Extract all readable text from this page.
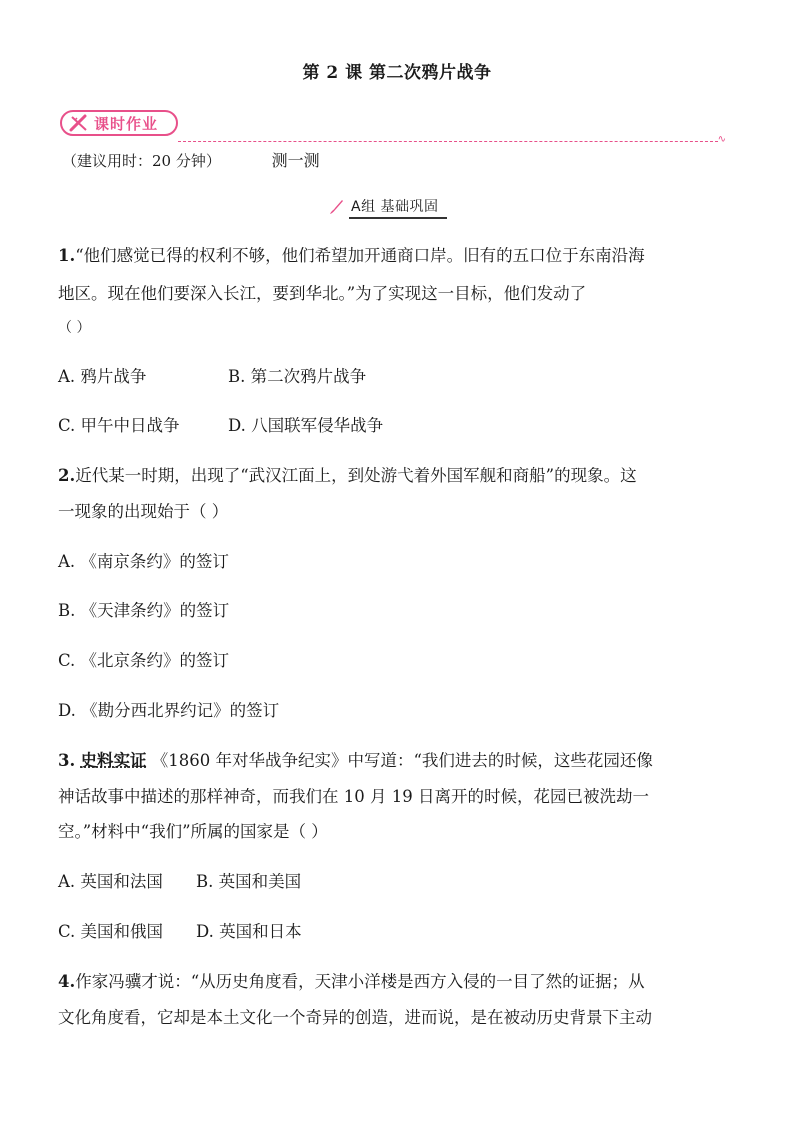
第 2 课 第二次鸦片战争
课时作业
∿
（建议用时：20 分钟）	测一测
A组 基础巩固
1.“他们感觉已得的权利不够，他们希望加开通商口岸。旧有的五口位于东南沿海
地区。现在他们要深入长江，要到华北。”为了实现这一目标，他们发动了
（ ）
A. 鸦片战争	B. 第二次鸦片战争
C. 甲午中日战争	D. 八国联军侵华战争
2.近代某一时期，出现了“武汉江面上，到处游弋着外国军舰和商船”的现象。这
一现象的出现始于（ ）
A. 《南京条约》的签订
B. 《天津条约》的签订
C. 《北京条约》的签订
D. 《勘分西北界约记》的签订
3. 史料实证 《1860 年对华战争纪实》中写道：“我们进去的时候，这些花园还像
神话故事中描述的那样神奇，而我们在 10 月 19 日离开的时候，花园已被洗劫一
空。”材料中“我们”所属的国家是（ ）
A. 英国和法国 B. 英国和美国
C. 美国和俄国 D. 英国和日本
4.作家冯骥才说：“从历史角度看，天津小洋楼是西方入侵的一目了然的证据；从
文化角度看，它却是本土文化一个奇异的创造，进而说，是在被动历史背景下主动
